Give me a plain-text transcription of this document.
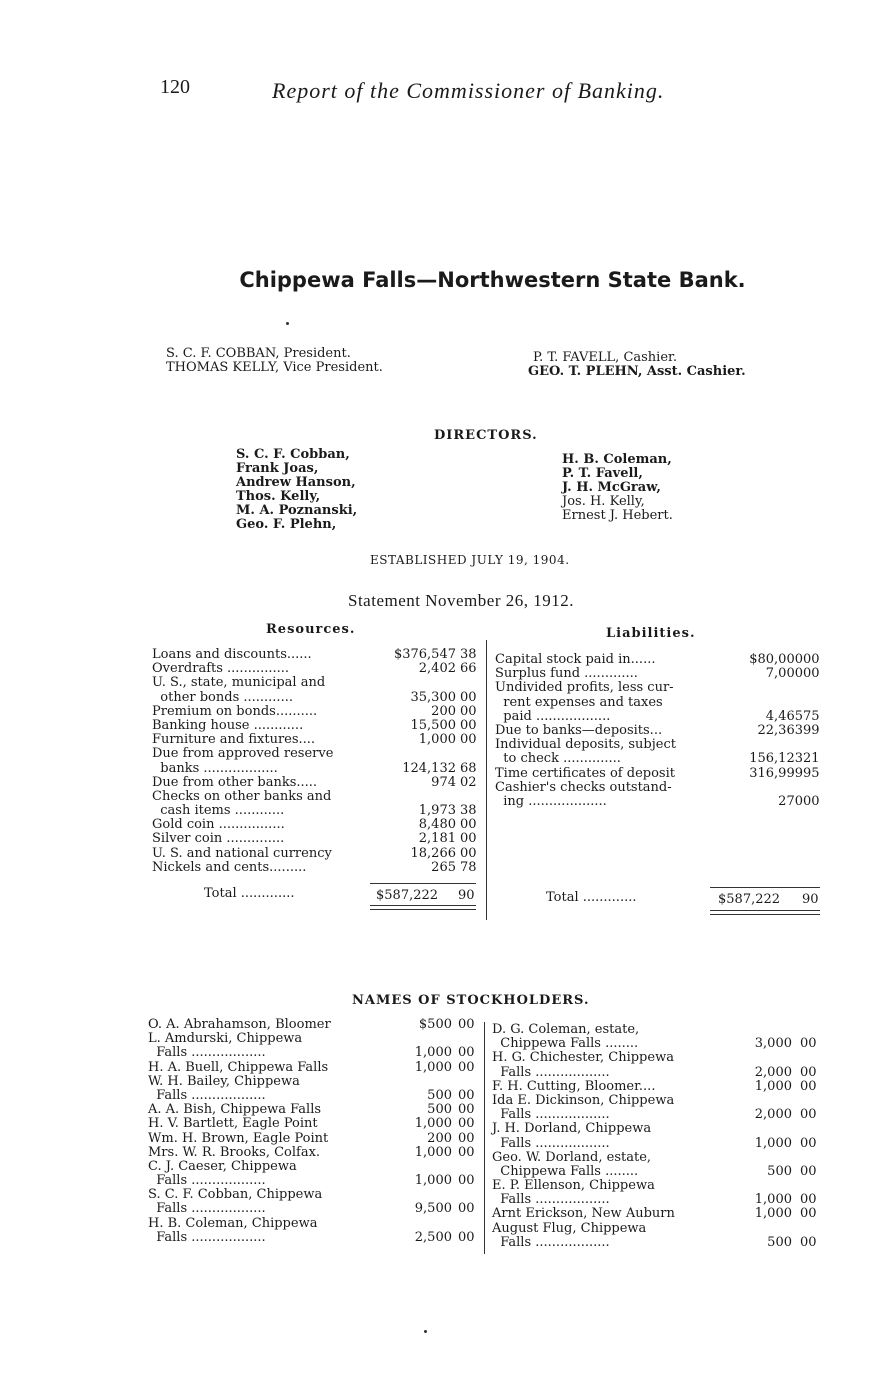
120	Report of the Commissioner of Banking.
Chippewa Falls—Northwestern State Bank.
S. C. F. COBBAN, President.
THOMAS KELLY, Vice President.
P. T. FAVELL, Cashier.
GEO. T. PLEHN, Asst. Cashier.
DIRECTORS.
S. C. F. Cobban,
Frank Joas,
Andrew Hanson,
Thos. Kelly,
M. A. Poznanski,
Geo. F. Plehn,
H. B. Coleman,
P. T. Favell,
J. H. McGraw,
Jos. H. Kelly,
Ernest J. Hebert.
ESTABLISHED JULY 19, 1904.
Statement November 26, 1912.
Resources.	Liabilities.
Loans and discounts......	$376,547 38
Overdrafts ...............	2,402 66
U. S., state, municipal and
other bonds ............	35,300 00
Premium on bonds..........	200 00
Banking house ............	15,500 00
Furniture and fixtures....	1,000 00
Due from approved reserve
banks ..................	124,132 68
Due from other banks.....	974 02
Checks on other banks and
cash items ............	1,973 38
Gold coin ................	8,480 00
Silver coin ..............	2,181 00
U. S. and national currency	18,266 00
Nickels and cents.........	265 78
Capital stock paid in......	$80,000 00
Surplus fund .............	7,000 00
Undivided profits, less cur-
rent expenses and taxes
paid ..................	4,465 75
Due to banks—deposits...	22,363 99
Individual deposits, subject
to check ..............	156,123 21
Time certificates of deposit	316,999 95
Cashier's checks outstand-
ing ...................	270 00
Total .............	$587,222 90	Total .............	$587,222 90
NAMES OF STOCKHOLDERS.
O. A. Abrahamson, Bloomer	$500 00
L. Amdurski, Chippewa
Falls ..................	1,000 00
H. A. Buell, Chippewa Falls	1,000 00
W. H. Bailey, Chippewa
Falls ..................	500 00
A. A. Bish, Chippewa Falls	500 00
H. V. Bartlett, Eagle Point	1,000 00
Wm. H. Brown, Eagle Point	200 00
Mrs. W. R. Brooks, Colfax.	1,000 00
C. J. Caeser, Chippewa
Falls ..................	1,000 00
S. C. F. Cobban, Chippewa
Falls ..................	9,500 00
H. B. Coleman, Chippewa
Falls ..................	2,500 00
D. G. Coleman, estate,
Chippewa Falls ........	3,000 00
H. G. Chichester, Chippewa
Falls ..................	2,000 00
F. H. Cutting, Bloomer....	1,000 00
Ida E. Dickinson, Chippewa
Falls ..................	2,000 00
J. H. Dorland, Chippewa
Falls ..................	1,000 00
Geo. W. Dorland, estate,
Chippewa Falls ........	500 00
E. P. Ellenson, Chippewa
Falls ..................	1,000 00
Arnt Erickson, New Auburn	1,000 00
August Flug, Chippewa
Falls ..................	500 00
